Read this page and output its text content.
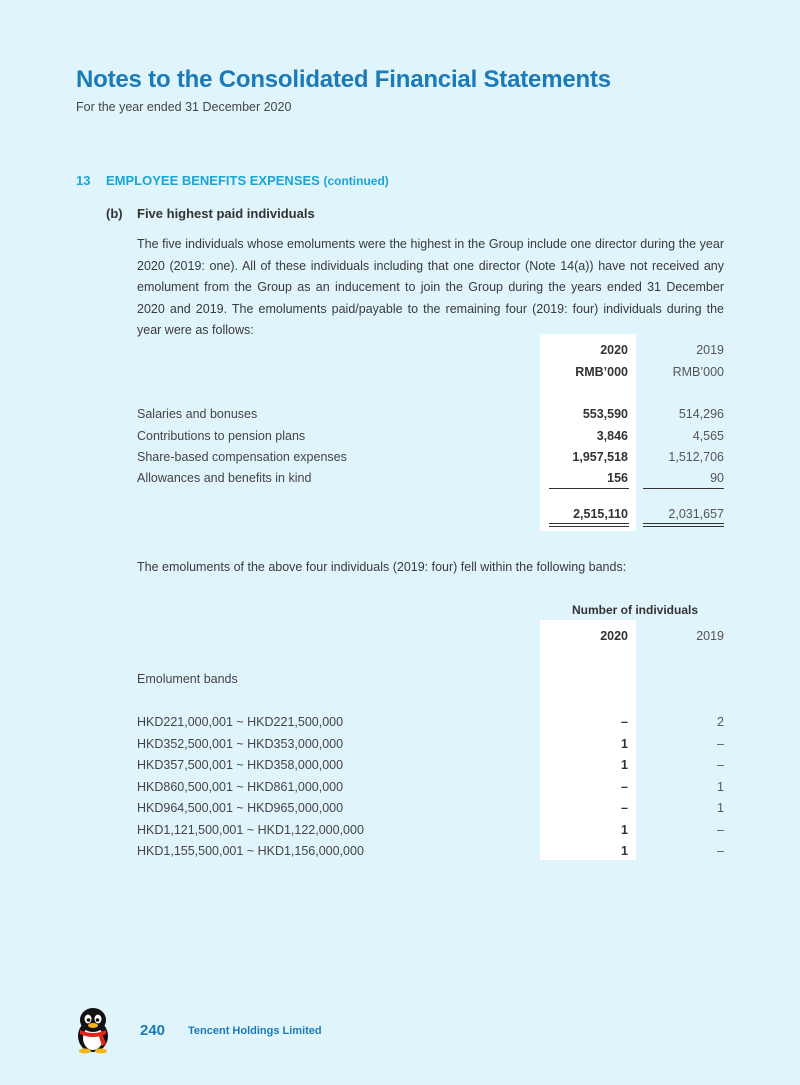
Notes to the Consolidated Financial Statements
For the year ended 31 December 2020
13 EMPLOYEE BENEFITS EXPENSES (continued)
(b) Five highest paid individuals
The five individuals whose emoluments were the highest in the Group include one director during the year 2020 (2019: one). All of these individuals including that one director (Note 14(a)) have not received any emolument from the Group as an inducement to join the Group during the years ended 31 December 2020 and 2019. The emoluments paid/payable to the remaining four (2019: four) individuals during the year were as follows:
2020	2019
RMB’000	RMB’000
Salaries and bonuses	553,590	514,296
Contributions to pension plans	3,846	4,565
Share-based compensation expenses	1,957,518	1,512,706
Allowances and benefits in kind	156	90
2,515,110	2,031,657
The emoluments of the above four individuals (2019: four) fell within the following bands:
Number of individuals
2020	2019
Emolument bands
HKD221,000,001 ~ HKD221,500,000	–	2
HKD352,500,001 ~ HKD353,000,000	1	–
HKD357,500,001 ~ HKD358,000,000	1	–
HKD860,500,001 ~ HKD861,000,000	–	1
HKD964,500,001 ~ HKD965,000,000	–	1
HKD1,121,500,001 ~ HKD1,122,000,000	1	–
HKD1,155,500,001 ~ HKD1,156,000,000	1	–
240 Tencent Holdings Limited
